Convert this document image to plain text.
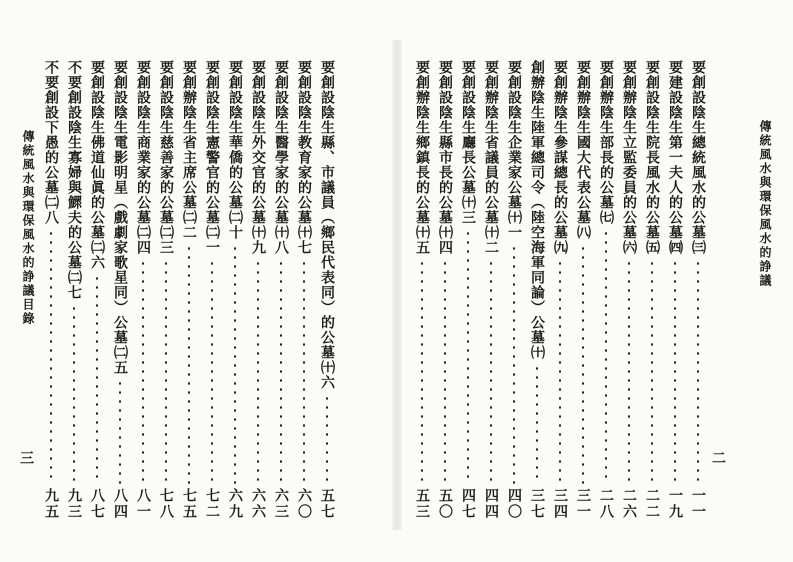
傳統風水與環保風水的諍議目錄
三
要創設陰生縣、市議員（鄉民代表同）的公墓㈩六
五七
要創設陰生教育家的公墓㈩七
六〇
要創設陰生醫學家的公墓㈩八
六三
要創設陰生外交官的公墓㈩九
六六
要創設陰生華僑的公墓㈡十
六九
要創設陰生憲警官的公墓㈡一
七二
要創辦陰生省主席公墓㈡二
七五
要創設陰生慈善家的公墓㈡三
七八
要創設陰生商業家的公墓㈡四
八一
要創設陰生電影明星（戲劇家歌星同）公墓㈡五
八四
要創設陰生佛道仙眞的公墓㈡六
八七
不要創設陰生寡婦與鰥夫的公墓㈡七
九三
不要創設下愚的公墓㈡八
九五
傳統風水與環保風水的諍議
二
要創設陰生總統風水的公墓㈢
一一
要建設陰生第一夫人的公墓㈣
一九
要創設陰生院長風水的公墓㈤
二二
要創辦陰生立監委員的公墓㈥
二六
要創辦陰生部長的公墓㈦
二八
要創辦陰生國大代表公墓㈧
三一
要創辦陰生參謀總長的公墓㈨
三四
創辦陰生陸軍總司令（陸空海軍同論）公墓㈩
三七
要創設陰生企業家公墓㈩一
四〇
要創辦陰生省議員的公墓㈩二
四四
要創設陰生廳長公墓㈩三
四七
要創設陰生縣市長的公墓㈩四
五〇
要創辦陰生鄉鎮長的公墓㈩五
五三
